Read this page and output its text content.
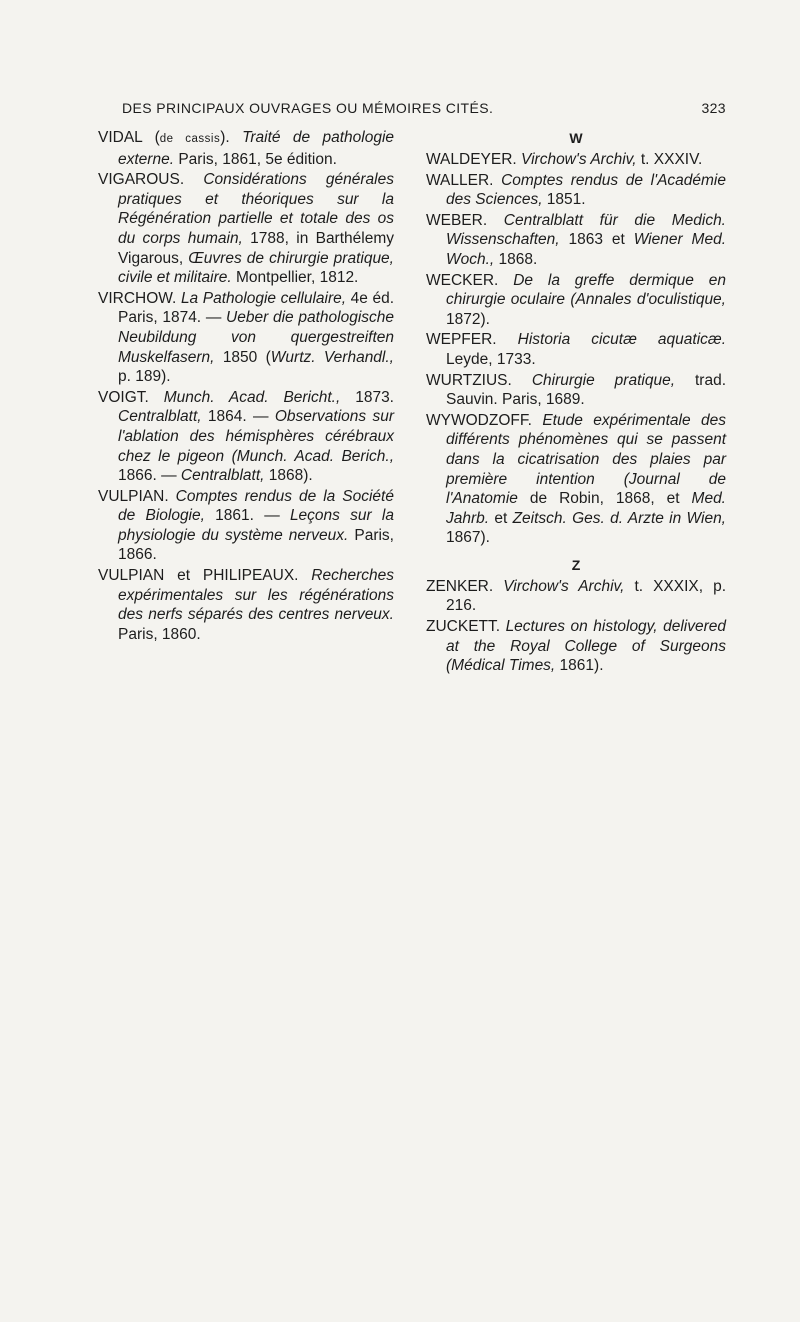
DES PRINCIPAUX OUVRAGES OU MÉMOIRES CITÉS.	323

VIDAL (de cassis). Traité de pathologie externe. Paris, 1861, 5e édition.

VIGAROUS. Considérations générales pratiques et théoriques sur la Régénération partielle et totale des os du corps humain, 1788, in Barthélemy Vigarous, Œuvres de chirurgie pratique, civile et militaire. Montpellier, 1812.

VIRCHOW. La Pathologie cellulaire, 4e éd. Paris, 1874. — Ueber die pathologische Neubildung von quergestreiften Muskelfasern, 1850 (Wurtz. Verhandl., p. 189).

VOIGT. Munch. Acad. Bericht., 1873. Centralblatt, 1864. — Observations sur l'ablation des hémisphères cérébraux chez le pigeon (Munch. Acad. Berich., 1866. — Centralblatt, 1868).

VULPIAN. Comptes rendus de la Société de Biologie, 1861. — Leçons sur la physiologie du système nerveux. Paris, 1866.

VULPIAN et PHILIPEAUX. Recherches expérimentales sur les régénérations des nerfs séparés des centres nerveux. Paris, 1860.

W

WALDEYER. Virchow's Archiv, t. XXXIV.

WALLER. Comptes rendus de l'Académie des Sciences, 1851.

WEBER. Centralblatt für die Medich. Wissenschaften, 1863 et Wiener Med. Woch., 1868.

WECKER. De la greffe dermique en chirurgie oculaire (Annales d'oculistique, 1872).

WEPFER. Historia cicutæ aquaticæ. Leyde, 1733.

WURTZIUS. Chirurgie pratique, trad. Sauvin. Paris, 1689.

WYWODZOFF. Etude expérimentale des différents phénomènes qui se passent dans la cicatrisation des plaies par première intention (Journal de l'Anatomie de Robin, 1868, et Med. Jahrb. et Zeitsch. Ges. d. Arzte in Wien, 1867).

Z

ZENKER. Virchow's Archiv, t. XXXIX, p. 216.

ZUCKETT. Lectures on histology, delivered at the Royal College of Surgeons (Médical Times, 1861).
